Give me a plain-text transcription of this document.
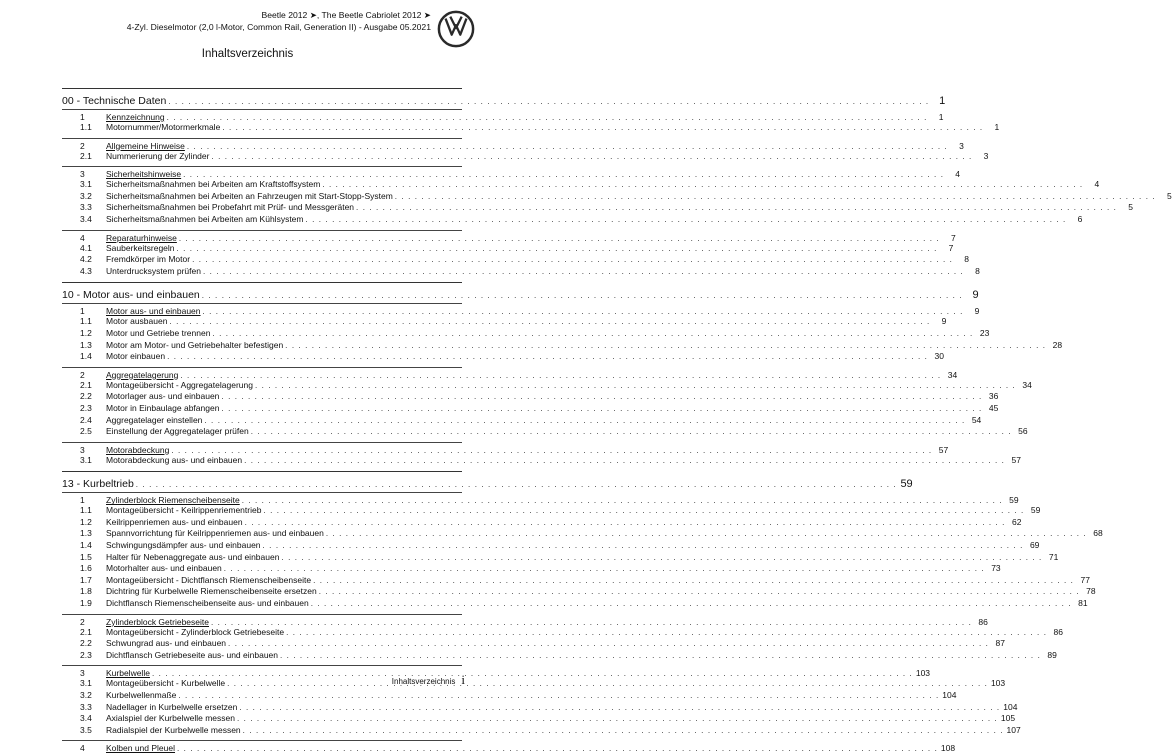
Beetle 2012 ➤, The Beetle Cabriolet 2012 ➤
4-Zyl. Dieselmotor (2,0 l-Motor, Common Rail, Generation II) - Ausgabe 05.2021
Inhaltsverzeichnis
00 - Technische Daten . . .	1
1	Kennzeichnung . . .	1
1.1	Motornummer/Motormerkmale . . .	1
2	Allgemeine Hinweise . . .	3
2.1	Nummerierung der Zylinder . . .	3
3	Sicherheitshinweise . . .	4
3.1	Sicherheitsmaßnahmen bei Arbeiten am Kraftstoffsystem . . .	4
3.2	Sicherheitsmaßnahmen bei Arbeiten an Fahrzeugen mit Start-Stopp-System . . .	5
3.3	Sicherheitsmaßnahmen bei Probefahrt mit Prüf- und Messgeräten . . .	5
3.4	Sicherheitsmaßnahmen bei Arbeiten am Kühlsystem . . .	6
4	Reparaturhinweise . . .	7
4.1	Sauberkeitsregeln . . .	7
4.2	Fremdkörper im Motor . . .	8
4.3	Unterdrucksystem prüfen . . .	8
10 - Motor aus- und einbauen . . .	9
1	Motor aus- und einbauen . . .	9
1.1	Motor ausbauen . . .	9
1.2	Motor und Getriebe trennen . . .	23
1.3	Motor am Motor- und Getriebehalter befestigen . . .	28
1.4	Motor einbauen . . .	30
2	Aggregatelagerung . . .	34
2.1	Montageübersicht - Aggregatelagerung . . .	34
2.2	Motorlager aus- und einbauen . . .	36
2.3	Motor in Einbaulage abfangen . . .	45
2.4	Aggregatelager einstellen . . .	54
2.5	Einstellung der Aggregatelager prüfen . . .	56
3	Motorabdeckung . . .	57
3.1	Motorabdeckung aus- und einbauen . . .	57
13 - Kurbeltrieb . . .	59
1	Zylinderblock Riemenscheibenseite . . .	59
1.1	Montageübersicht - Keilrippenriementrieb . . .	59
1.2	Keilrippenriemen aus- und einbauen . . .	62
1.3	Spannvorrichtung für Keilrippenriemen aus- und einbauen . . .	68
1.4	Schwingungsdämpfer aus- und einbauen . . .	69
1.5	Halter für Nebenaggregate aus- und einbauen . . .	71
1.6	Motorhalter aus- und einbauen . . .	73
1.7	Montageübersicht - Dichtflansch Riemenscheibenseite . . .	77
1.8	Dichtring für Kurbelwelle Riemenscheibenseite ersetzen . . .	78
1.9	Dichtflansch Riemenscheibenseite aus- und einbauen . . .	81
2	Zylinderblock Getriebeseite . . .	86
2.1	Montageübersicht - Zylinderblock Getriebeseite . . .	86
2.2	Schwungrad aus- und einbauen . . .	87
2.3	Dichtflansch Getriebeseite aus- und einbauen . . .	89
3	Kurbelwelle . . .	103
3.1	Montageübersicht - Kurbelwelle . . .	103
3.2	Kurbelwellenmaße . . .	104
3.3	Nadellager in Kurbelwelle ersetzen . . .	104
3.4	Axialspiel der Kurbelwelle messen . . .	105
3.5	Radialspiel der Kurbelwelle messen . . .	107
4	Kolben und Pleuel . . .	108
Inhaltsverzeichnis i
